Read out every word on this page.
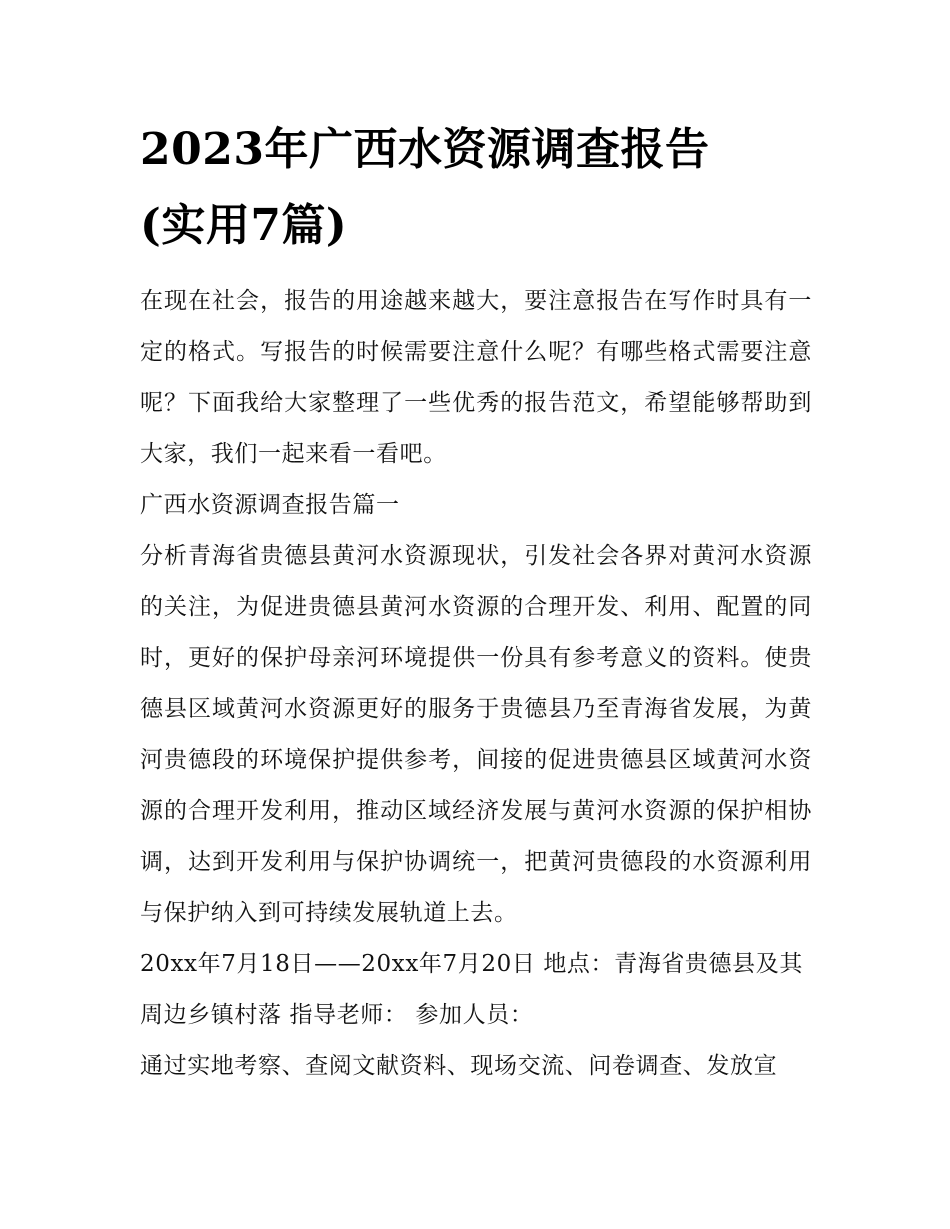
2023年广西水资源调查报告
(实用7篇)

在现在社会，报告的用途越来越大，要注意报告在写作时具有一定的格式。写报告的时候需要注意什么呢？有哪些格式需要注意呢？下面我给大家整理了一些优秀的报告范文，希望能够帮助到大家，我们一起来看一看吧。

广西水资源调查报告篇一

分析青海省贵德县黄河水资源现状，引发社会各界对黄河水资源的关注，为促进贵德县黄河水资源的合理开发、利用、配置的同时，更好的保护母亲河环境提供一份具有参考意义的资料。使贵德县区域黄河水资源更好的服务于贵德县乃至青海省发展，为黄河贵德段的环境保护提供参考，间接的促进贵德县区域黄河水资源的合理开发利用，推动区域经济发展与黄河水资源的保护相协调，达到开发利用与保护协调统一，把黄河贵德段的水资源利用与保护纳入到可持续发展轨道上去。

20xx年7月18日——20xx年7月20日 地点：青海省贵德县及其周边乡镇村落 指导老师： 参加人员：

通过实地考察、查阅文献资料、现场交流、问卷调查、发放宣
